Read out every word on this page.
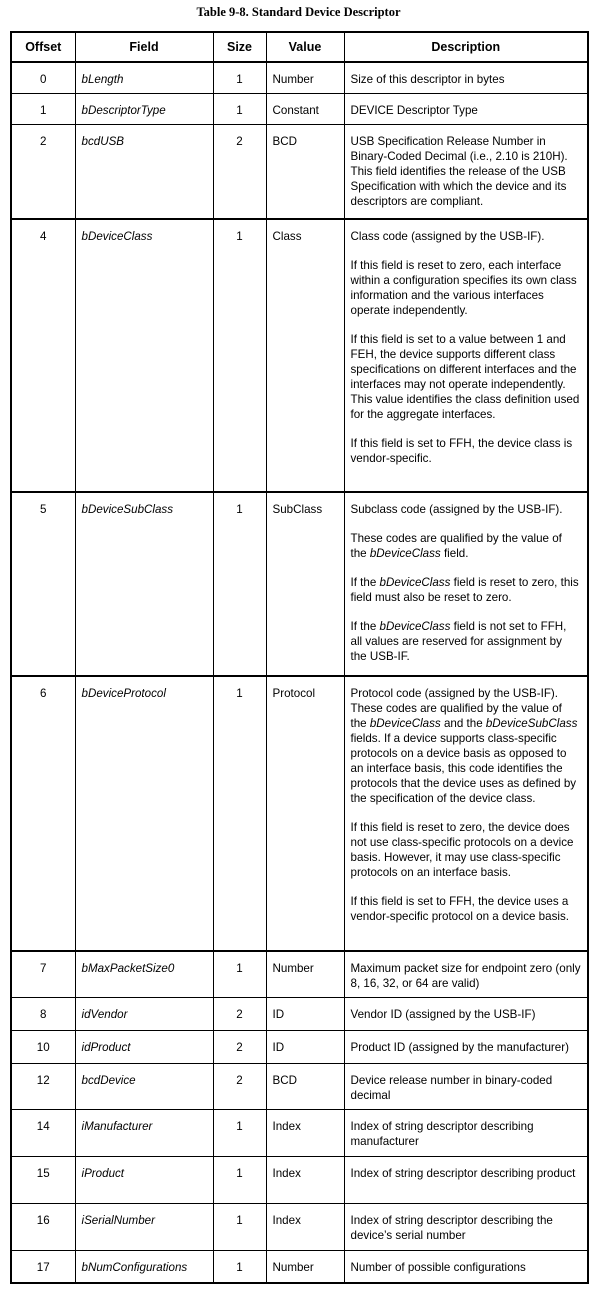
Table 9-8. Standard Device Descriptor
Offset	Field	Size	Value	Description
0	bLength	1	Number	Size of this descriptor in bytes

1	bDescriptorType	1	Constant	DEVICE Descriptor Type

2	bcdUSB	2	BCD	USB Specification Release Number in Binary-Coded Decimal (i.e., 2.10 is 210H). This field identifies the release of the USB Specification with which the device and its descriptors are compliant.

4	bDeviceClass	1	Class	Class code (assigned by the USB-IF).

If this field is reset to zero, each interface within a configuration specifies its own class information and the various interfaces operate independently.

If this field is set to a value between 1 and FEH, the device supports different class specifications on different interfaces and the interfaces may not operate independently. This value identifies the class definition used for the aggregate interfaces.

If this field is set to FFH, the device class is vendor-specific.

5	bDeviceSubClass	1	SubClass	Subclass code (assigned by the USB-IF).

These codes are qualified by the value of the bDeviceClass field.

If the bDeviceClass field is reset to zero, this field must also be reset to zero.

If the bDeviceClass field is not set to FFH, all values are reserved for assignment by the USB-IF.

6	bDeviceProtocol	1	Protocol	Protocol code (assigned by the USB-IF). These codes are qualified by the value of the bDeviceClass and the bDeviceSubClass fields. If a device supports class-specific protocols on a device basis as opposed to an interface basis, this code identifies the protocols that the device uses as defined by the specification of the device class.

If this field is reset to zero, the device does not use class-specific protocols on a device basis. However, it may use class-specific protocols on an interface basis.

If this field is set to FFH, the device uses a vendor-specific protocol on a device basis.

7	bMaxPacketSize0	1	Number	Maximum packet size for endpoint zero (only 8, 16, 32, or 64 are valid)

8	idVendor	2	ID	Vendor ID (assigned by the USB-IF)

10	idProduct	2	ID	Product ID (assigned by the manufacturer)

12	bcdDevice	2	BCD	Device release number in binary-coded decimal

14	iManufacturer	1	Index	Index of string descriptor describing manufacturer

15	iProduct	1	Index	Index of string descriptor describing product

16	iSerialNumber	1	Index	Index of string descriptor describing the device’s serial number

17	bNumConfigurations	1	Number	Number of possible configurations
